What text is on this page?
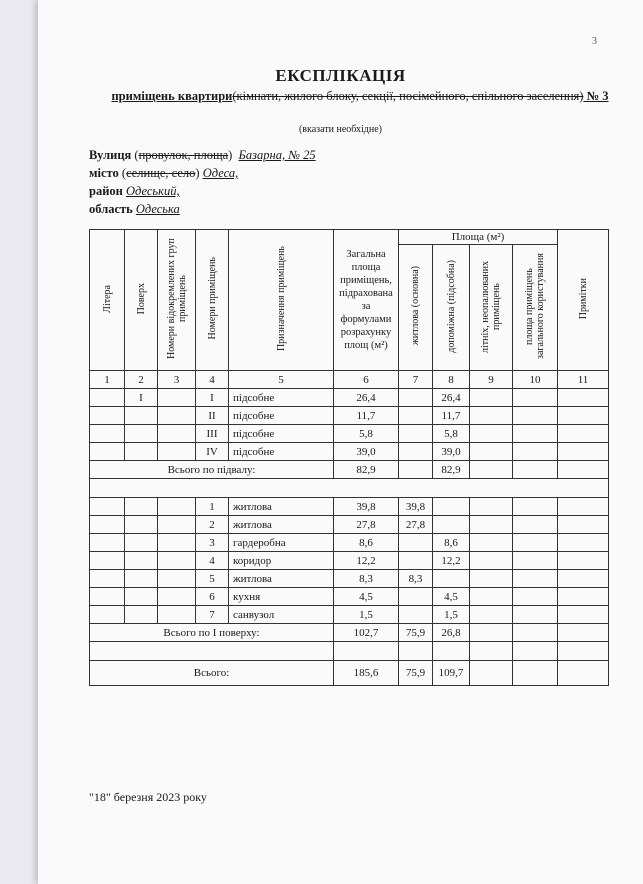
3
ЕКСПЛІКАЦІЯ
приміщень квартири(кімнати, жилого блоку, секції, посімейного, спільного заселення) № 3
(вказати необхідне)
Вулиця (провулок, площа)  Базарна, № 25
місто (селище, село) Одеса,
район Одеський,
область Одеська
Літера	Поверх	Номери відокремлених груп приміщень	Номери приміщень	Призначення приміщень	Загальна площа приміщень, підрахована за формулами розрахунку площ (м²)	Площа (м²)				Примітки
						житлова (основна)	допоміжна (підсобна)	літніх, неопалюваних приміщень	площа приміщень загального користування	
1	2	3	4	5	6	7	8	9	10	11
	I		I	підсобне	26,4		26,4			
			II	підсобне	11,7		11,7			
			III	підсобне	5,8		5,8			
			IV	підсобне	39,0		39,0			
Всього по підвалу:					82,9		82,9			

			1	житлова	39,8	39,8				
			2	житлова	27,8	27,8				
			3	гардеробна	8,6		8,6			
			4	коридор	12,2		12,2			
			5	житлова	8,3	8,3				
			6	кухня	4,5		4,5			
			7	санвузол	1,5		1,5			
Всього по І поверху:					102,7	75,9	26,8			

Всього:					185,6	75,9	109,7			
"18" березня 2023 року
